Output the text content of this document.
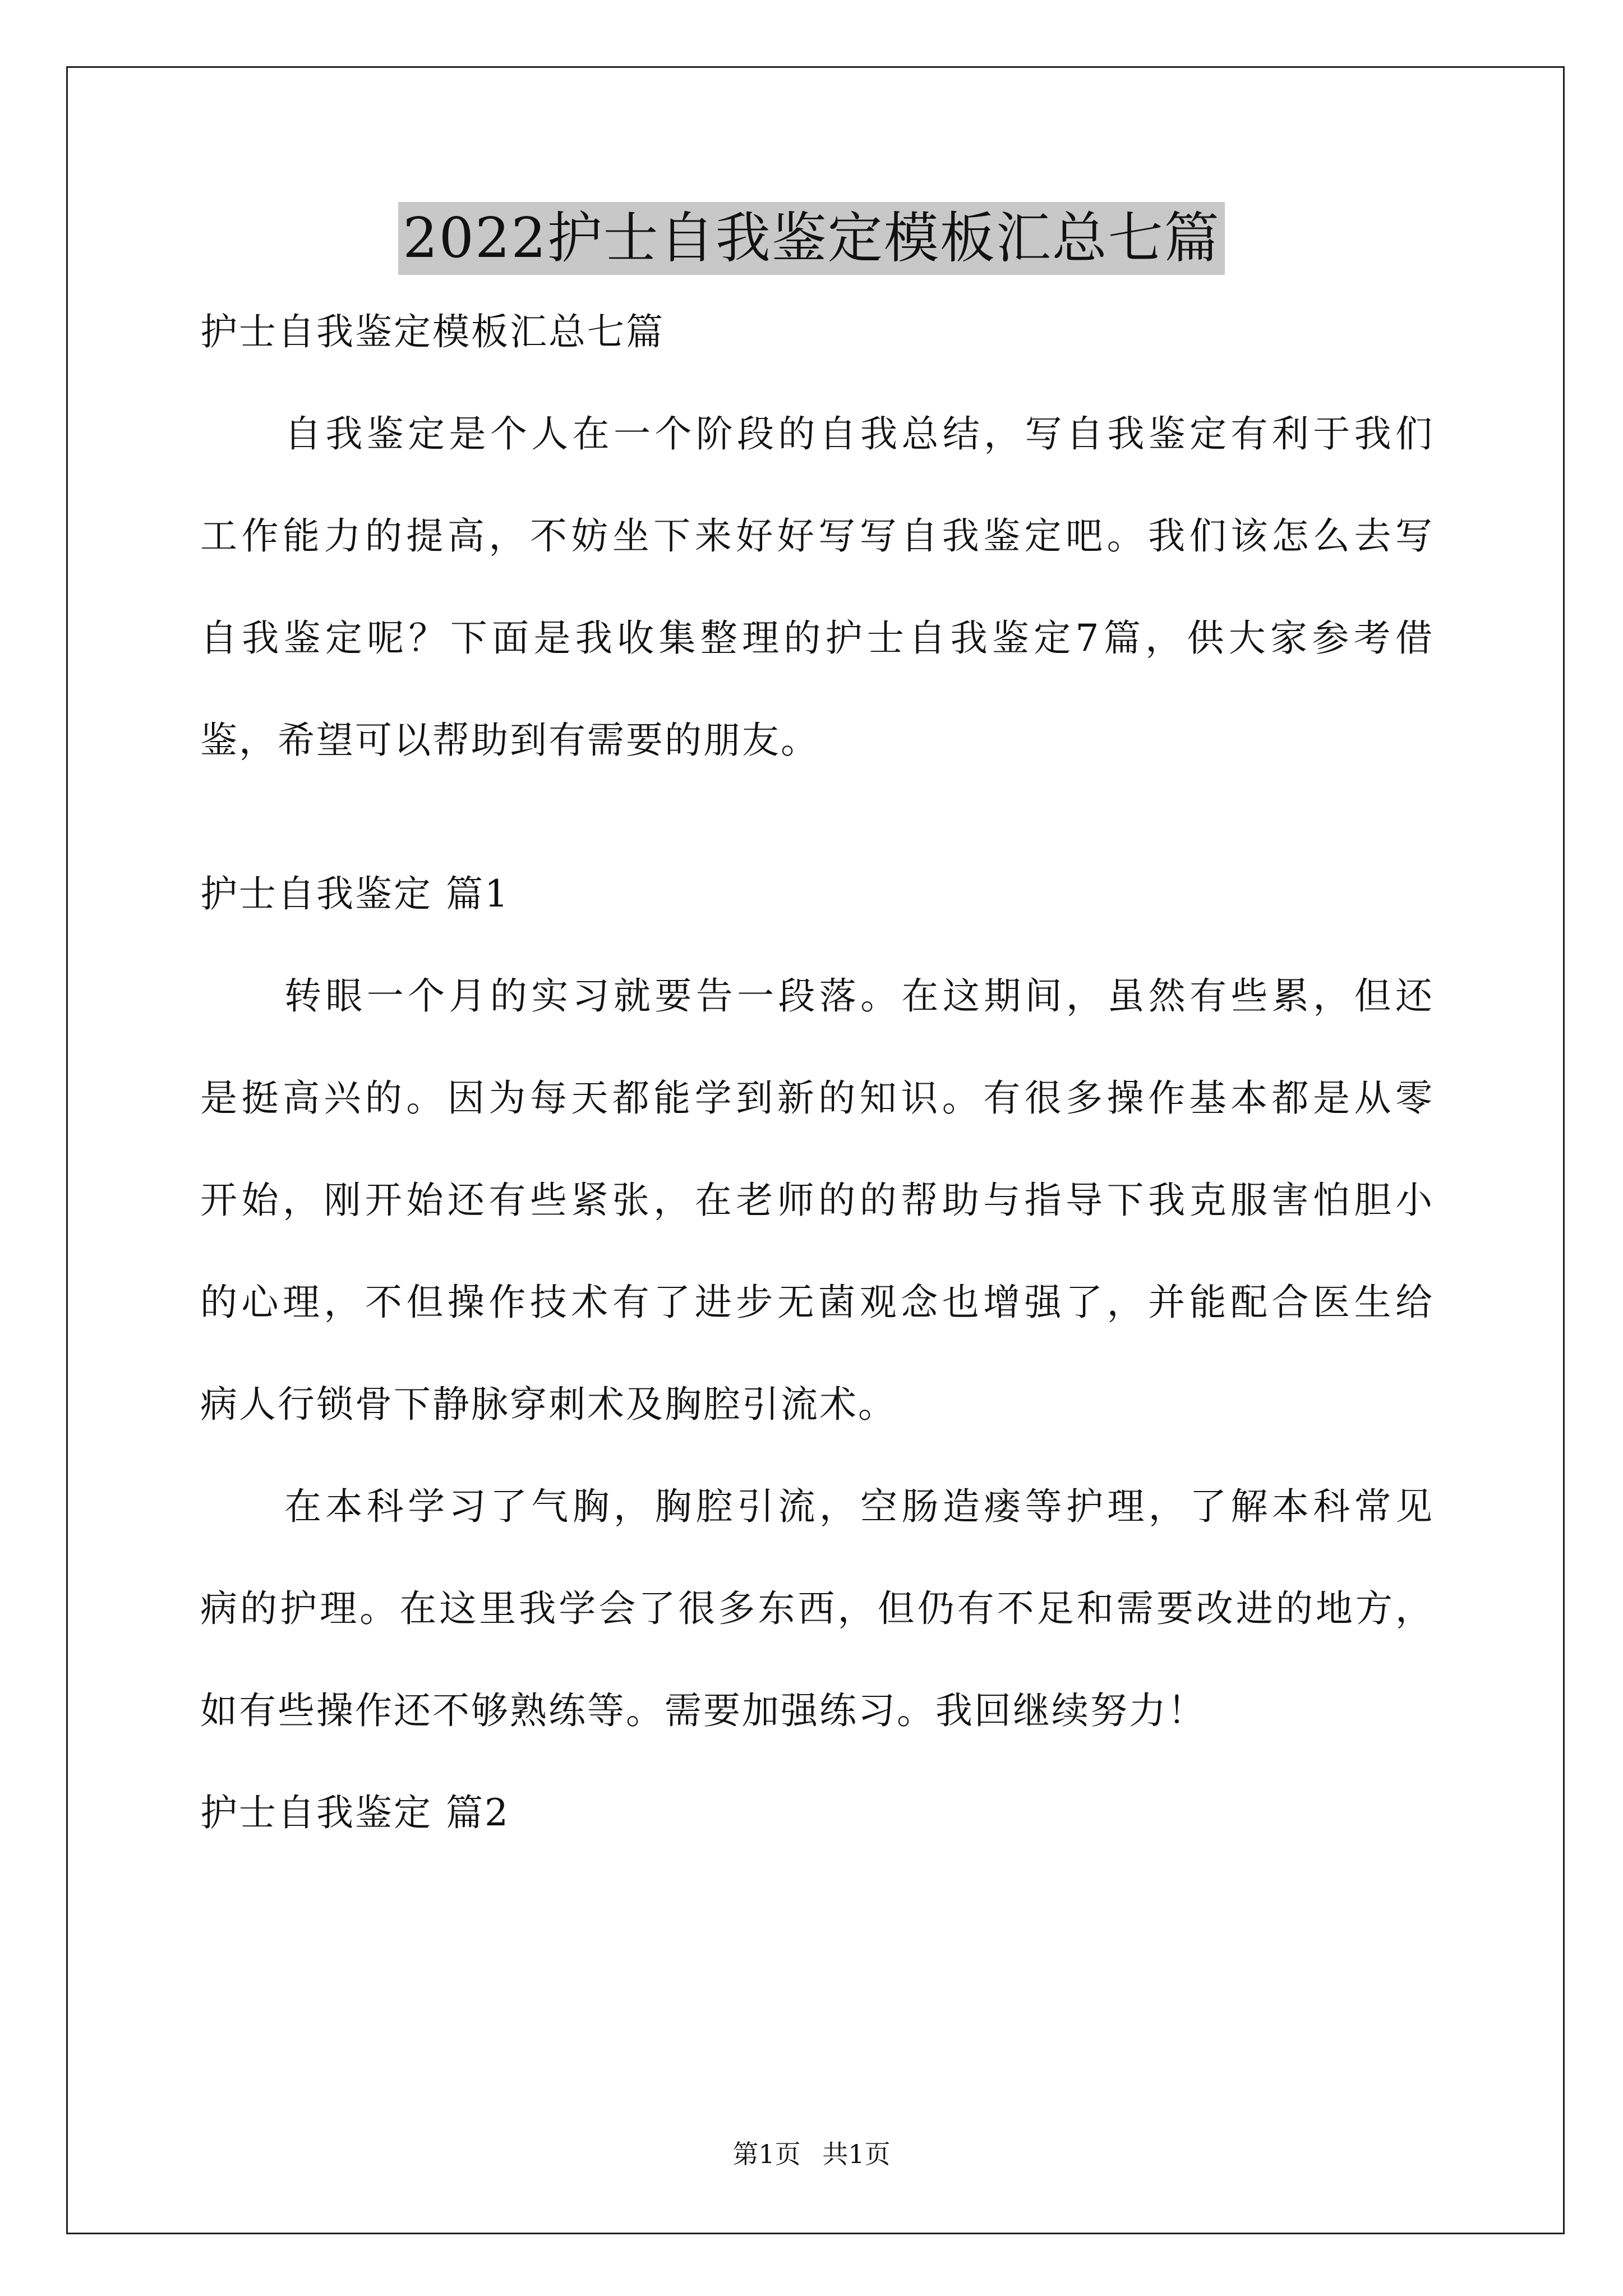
2022护士自我鉴定模板汇总七篇
护士自我鉴定模板汇总七篇
自我鉴定是个人在一个阶段的自我总结，写自我鉴定有利于我们
工作能力的提高，不妨坐下来好好写写自我鉴定吧。我们该怎么去写
自我鉴定呢？下面是我收集整理的护士自我鉴定7篇，供大家参考借
鉴，希望可以帮助到有需要的朋友。
护士自我鉴定 篇1
转眼一个月的实习就要告一段落。在这期间，虽然有些累，但还
是挺高兴的。因为每天都能学到新的知识。有很多操作基本都是从零
开始，刚开始还有些紧张，在老师的的帮助与指导下我克服害怕胆小
的心理，不但操作技术有了进步无菌观念也增强了，并能配合医生给
病人行锁骨下静脉穿刺术及胸腔引流术。
在本科学习了气胸，胸腔引流，空肠造瘘等护理，了解本科常见
病的护理。在这里我学会了很多东西，但仍有不足和需要改进的地方，
如有些操作还不够熟练等。需要加强练习。我回继续努力！
护士自我鉴定 篇2
第1页 共1页
